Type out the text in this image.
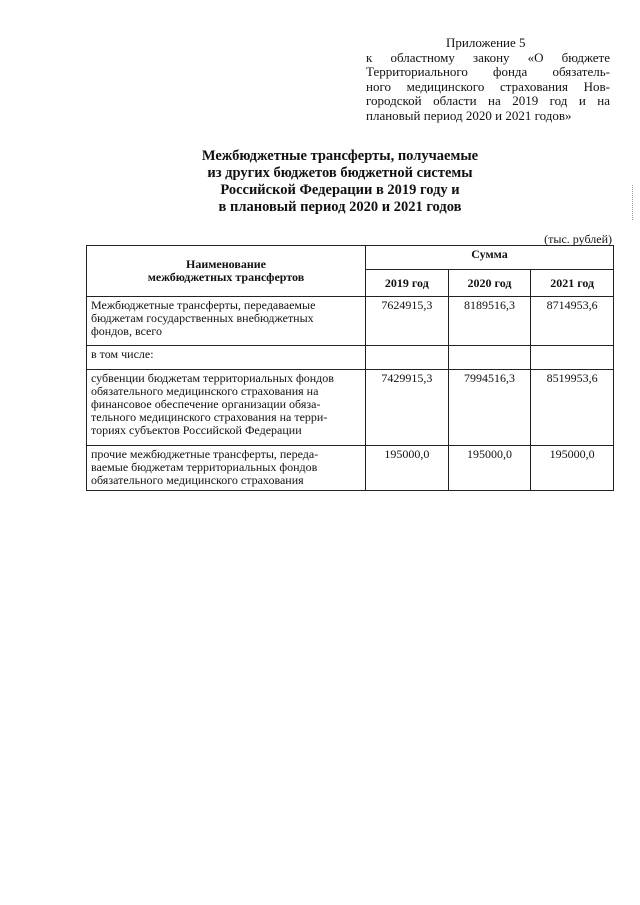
Приложение 5
к областному закону «О бюджете
Территориального фонда обязатель-
ного медицинского страхования Нов-
городской области на 2019 год и на
плановый период 2020 и 2021 годов»
Межбюджетные трансферты, получаемые
из других бюджетов бюджетной системы
Российской Федерации в 2019 году и
в плановый период 2020 и 2021 годов
(тыс. рублей)
Наименование
межбюджетных трансфертов	Сумма		
	2019 год	2020 год	2021 год

Межбюджетные трансферты, передаваемые
бюджетам государственных внебюджетных
фондов, всего	7624915,3	8189516,3	8714953,6

в том числе:			

субвенции бюджетам территориальных фондов
обязательного медицинского страхования на
финансовое обеспечение организации обяза-
тельного медицинского страхования на терри-
ториях субъектов Российской Федерации	7429915,3	7994516,3	8519953,6

прочие межбюджетные трансферты, переда-
ваемые бюджетам территориальных фондов
обязательного медицинского страхования	195000,0	195000,0	195000,0
